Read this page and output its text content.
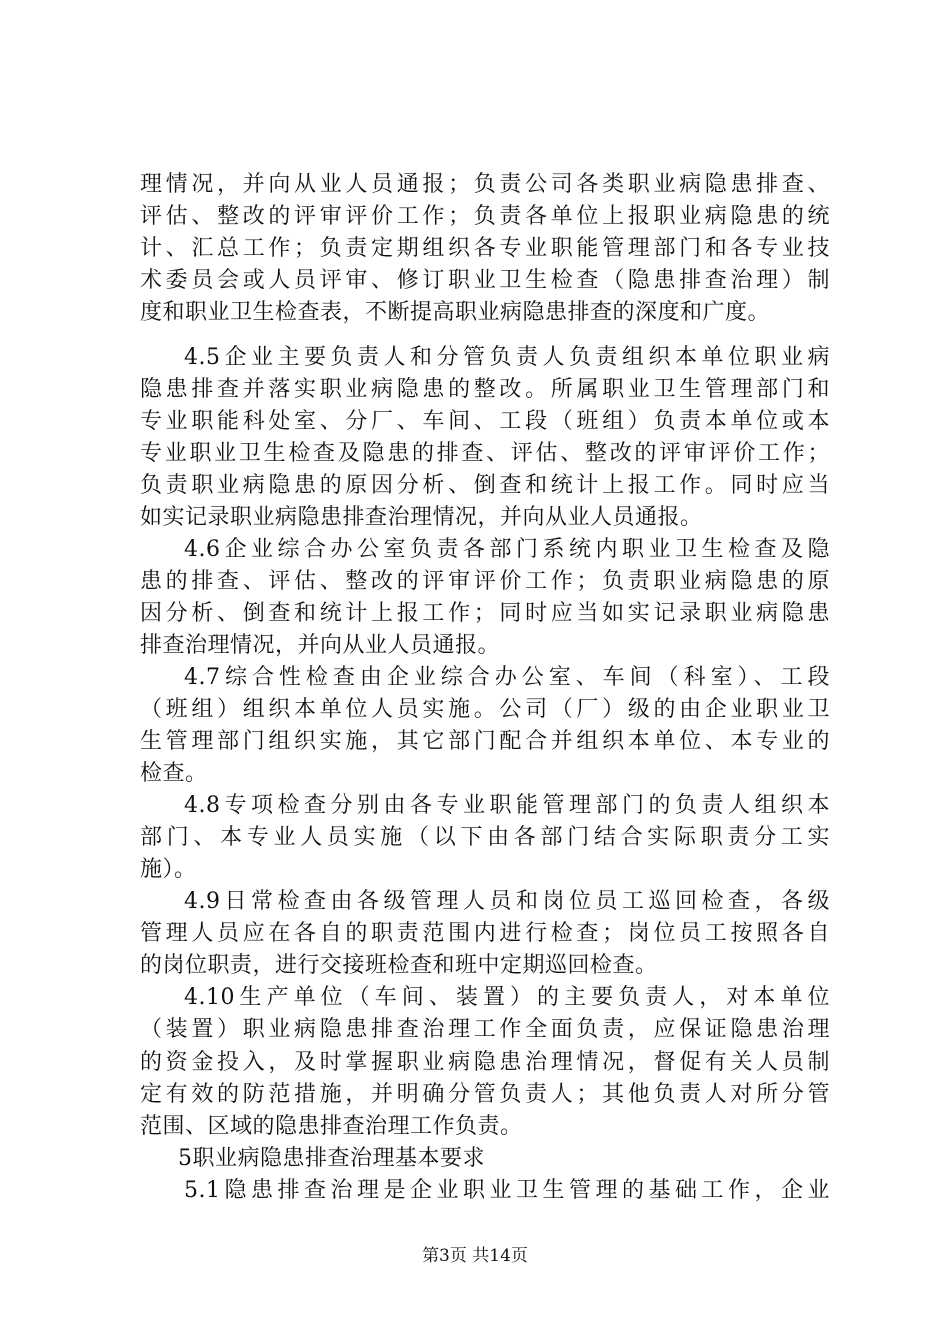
理情况，并向从业人员通报；负责公司各类职业病隐患排查、
评估、整改的评审评价工作；负责各单位上报职业病隐患的统
计、汇总工作；负责定期组织各专业职能管理部门和各专业技
术委员会或人员评审、修订职业卫生检查（隐患排查治理）制
度和职业卫生检查表，不断提高职业病隐患排查的深度和广度。
4.5企业主要负责人和分管负责人负责组织本单位职业病
隐患排查并落实职业病隐患的整改。所属职业卫生管理部门和
专业职能科处室、分厂、车间、工段（班组）负责本单位或本
专业职业卫生检查及隐患的排查、评估、整改的评审评价工作；
负责职业病隐患的原因分析、倒查和统计上报工作。同时应当
如实记录职业病隐患排查治理情况，并向从业人员通报。
4.6企业综合办公室负责各部门系统内职业卫生检查及隐
患的排查、评估、整改的评审评价工作；负责职业病隐患的原
因分析、倒查和统计上报工作；同时应当如实记录职业病隐患
排查治理情况，并向从业人员通报。
4.7综合性检查由企业综合办公室、车间（科室）、工段
（班组）组织本单位人员实施。公司（厂）级的由企业职业卫
生管理部门组织实施，其它部门配合并组织本单位、本专业的
检查。
4.8专项检查分别由各专业职能管理部门的负责人组织本
部门、本专业人员实施（以下由各部门结合实际职责分工实
施）。
4.9日常检查由各级管理人员和岗位员工巡回检查，各级
管理人员应在各自的职责范围内进行检查；岗位员工按照各自
的岗位职责，进行交接班检查和班中定期巡回检查。
4.10生产单位（车间、装置）的主要负责人，对本单位
（装置）职业病隐患排查治理工作全面负责，应保证隐患治理
的资金投入，及时掌握职业病隐患治理情况，督促有关人员制
定有效的防范措施，并明确分管负责人；其他负责人对所分管
范围、区域的隐患排查治理工作负责。
5职业病隐患排查治理基本要求
5.1隐患排查治理是企业职业卫生管理的基础工作，企业
第3页 共14页
